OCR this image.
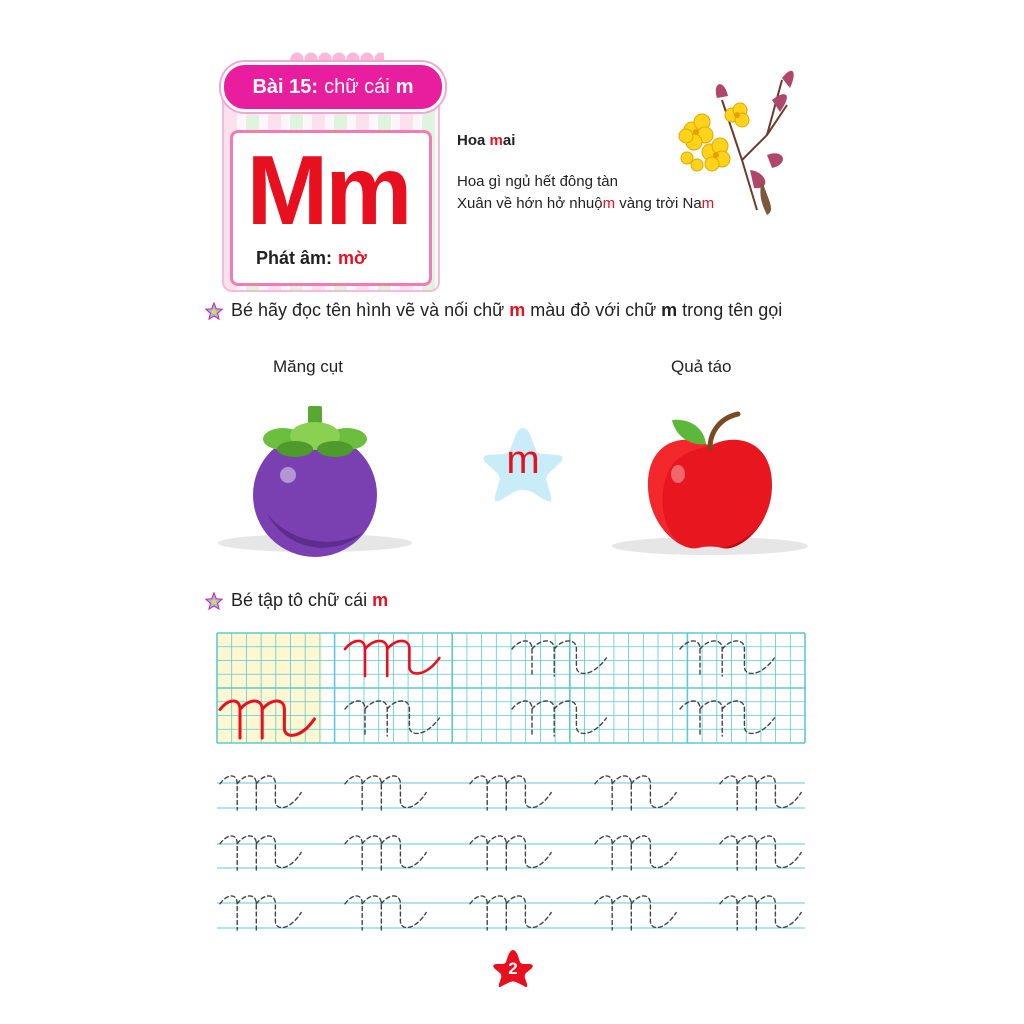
Bài 15: chữ cái m
Mm
Phát âm: mờ
Hoa mai
Hoa gì ngủ hết đông tàn
Xuân về hớn hở nhuộm vàng trời Nam
Bé hãy đọc tên hình vẽ và nối chữ m màu đỏ với chữ m trong tên gọi
Măng cụt	Quả táo
m
Bé tập tô chữ cái m
2
